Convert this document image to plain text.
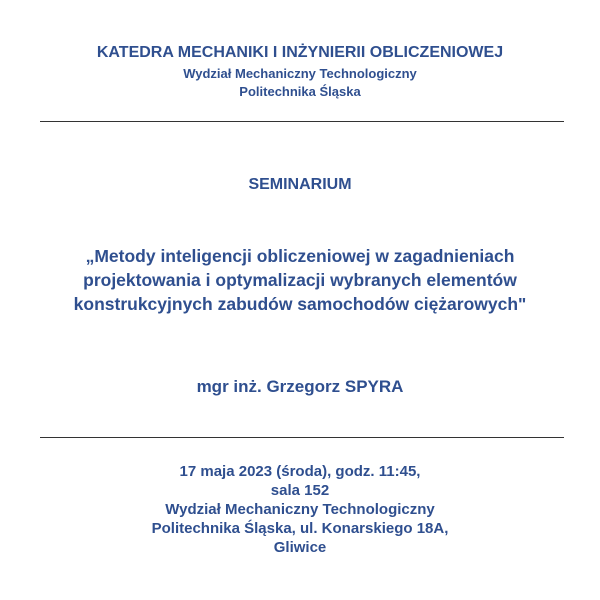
KATEDRA MECHANIKI I INŻYNIERII OBLICZENIOWEJ
Wydział Mechaniczny Technologiczny
Politechnika Śląska
SEMINARIUM
„Metody inteligencji obliczeniowej w zagadnieniach projektowania i optymalizacji wybranych elementów konstrukcyjnych zabudów samochodów ciężarowych"
mgr inż. Grzegorz SPYRA
17 maja 2023 (środa), godz. 11:45,
sala 152
Wydział Mechaniczny Technologiczny
Politechnika Śląska, ul. Konarskiego 18A,
Gliwice
